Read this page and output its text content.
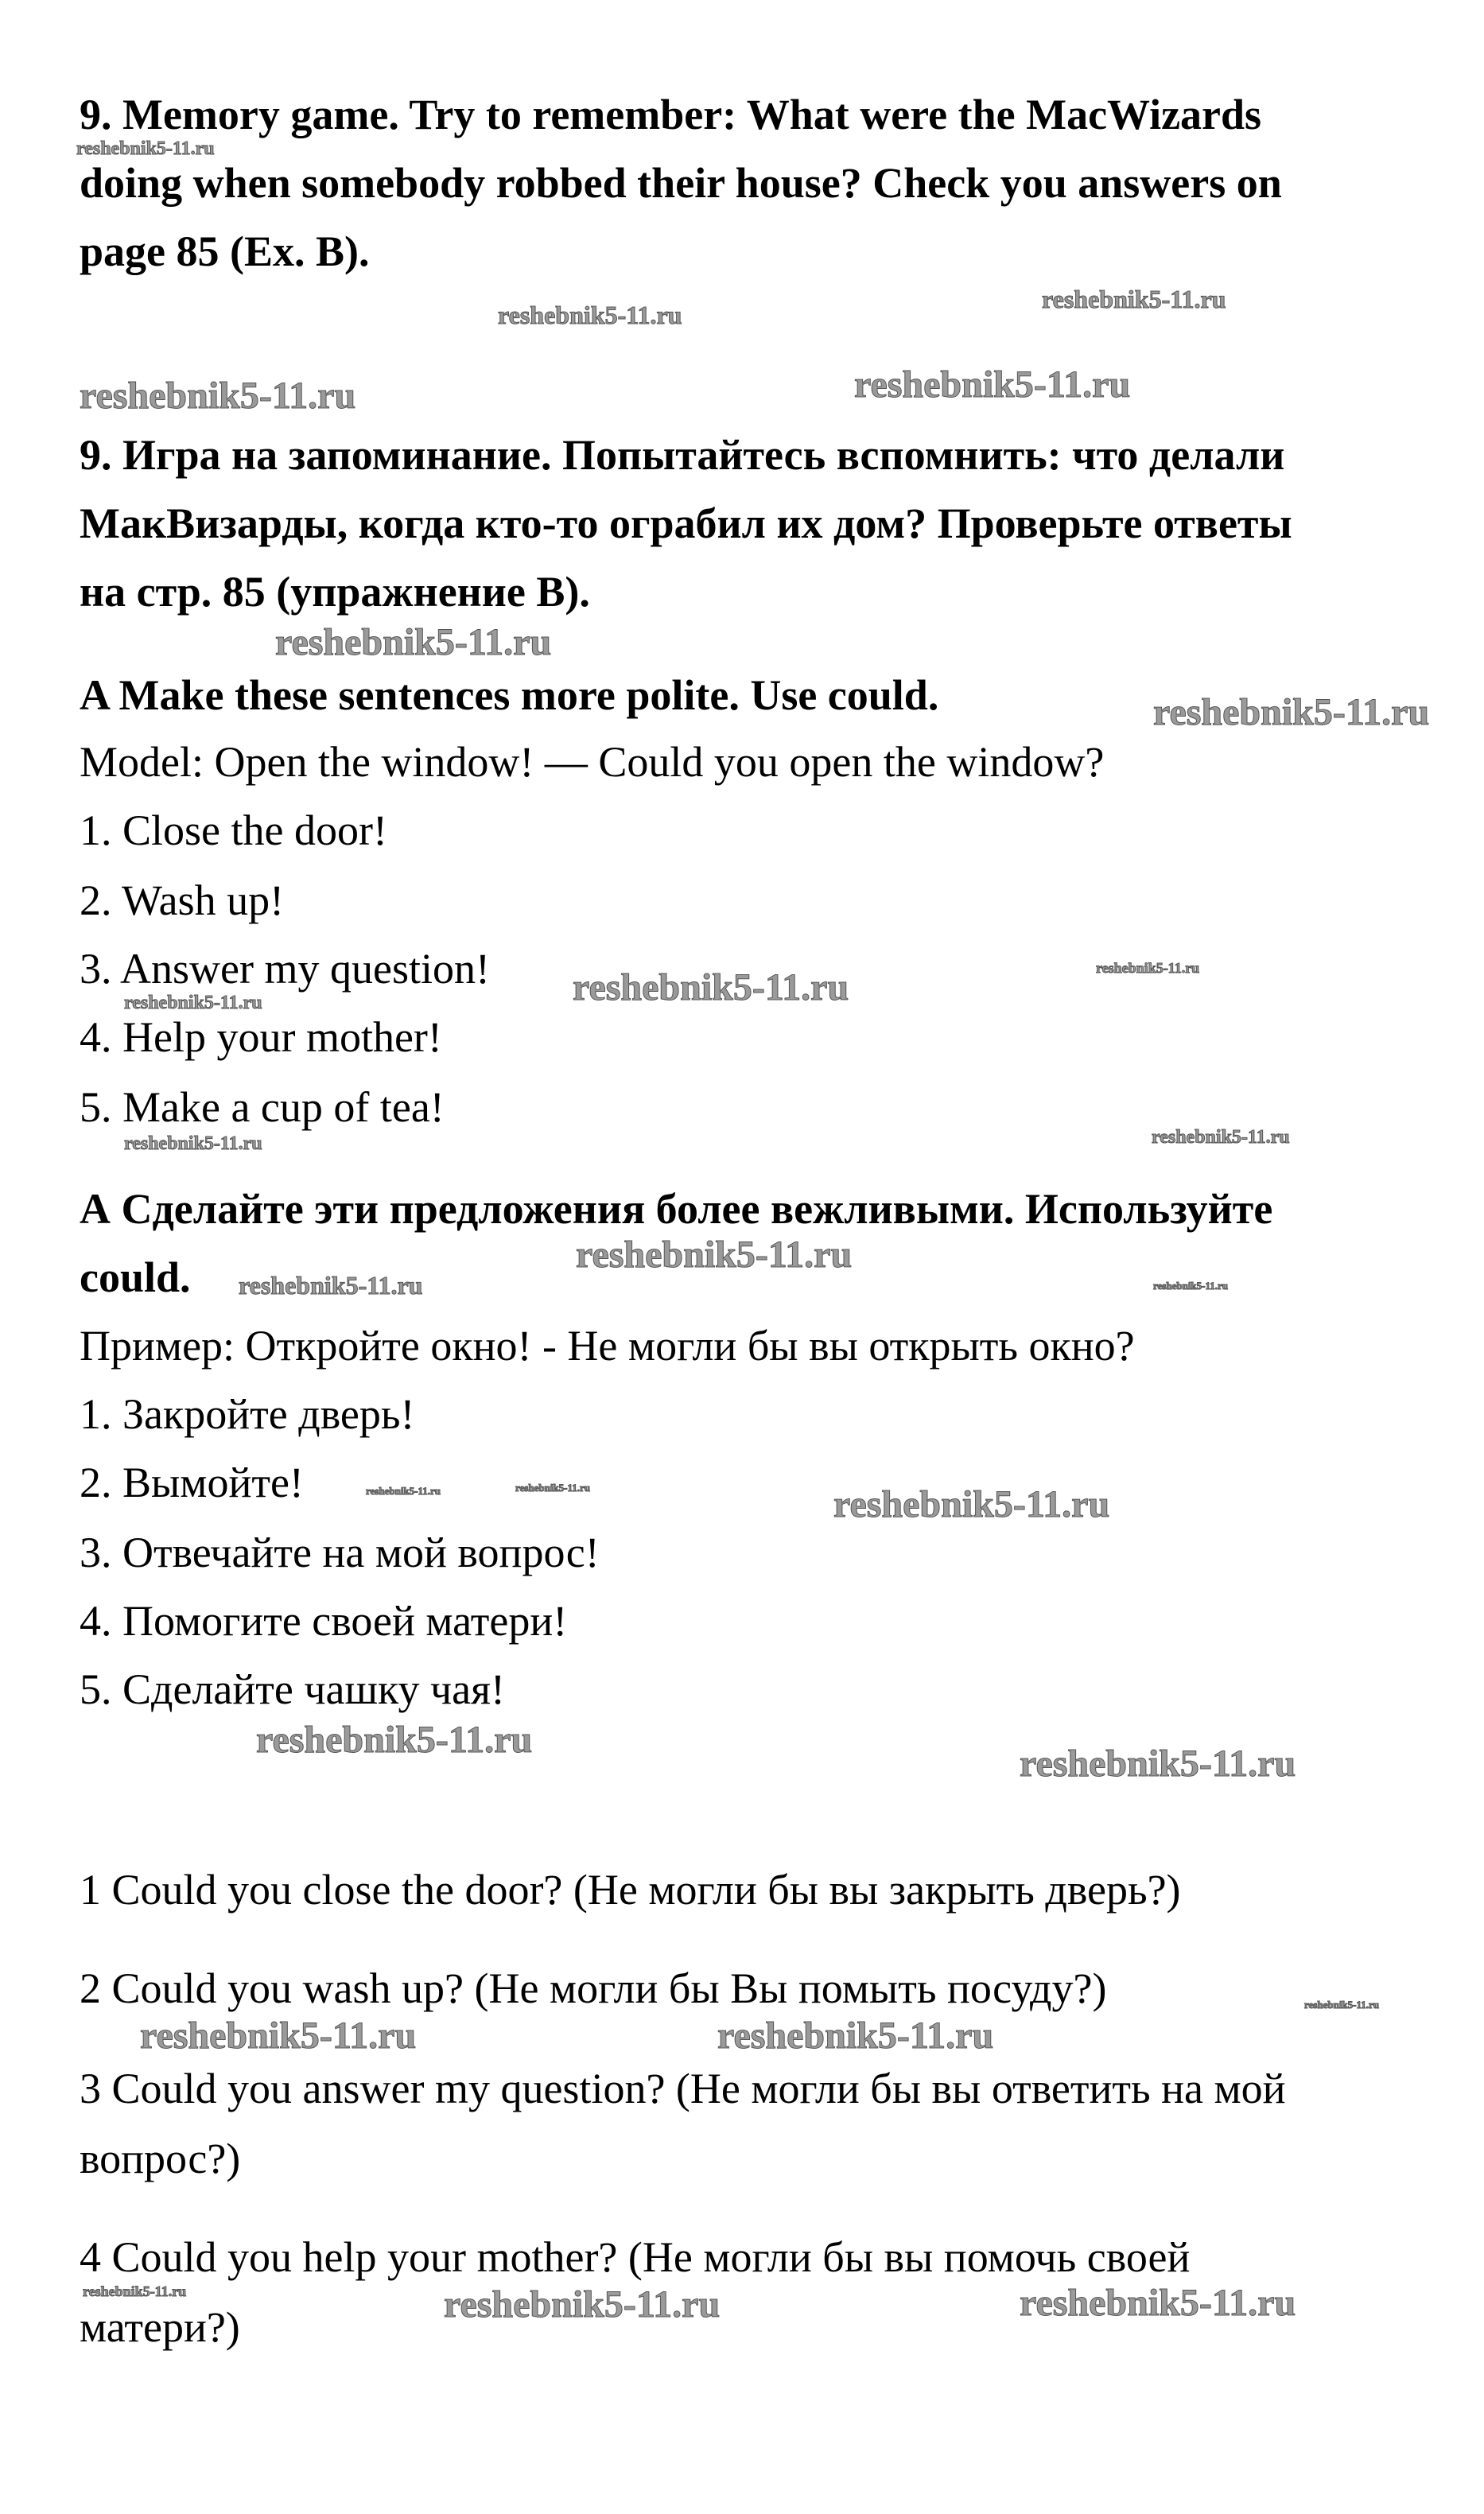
9. Memory game. Try to remember: What were the MacWizards
doing when somebody robbed their house? Check you answers on
page 85 (Ex. B).
9. Игра на запоминание. Попытайтесь вспомнить: что делали
МакВизарды, когда кто-то ограбил их дом? Проверьте ответы
на стр. 85 (упражнение B).
A Make these sentences more polite. Use could.
Model: Open the window! — Could you open the window?
1. Close the door!
2. Wash up!
3. Answer my question!
4. Help your mother!
5. Make a cup of tea!
А Сделайте эти предложения более вежливыми. Используйте
could.
Пример: Откройте окно! - Не могли бы вы открыть окно?
1. Закройте дверь!
2. Вымойте!
3. Отвечайте на мой вопрос!
4. Помогите своей матери!
5. Сделайте чашку чая!
1 Could you close the door? (Не могли бы вы закрыть дверь?)
2 Could you wash up? (Не могли бы Вы помыть посуду?)
3 Could you answer my question? (Не могли бы вы ответить на мой
вопрос?)
4 Could you help your mother? (Не могли бы вы помочь своей
матери?)
reshebnik5-11.ru
reshebnik5-11.ru
reshebnik5-11.ru
reshebnik5-11.ru	reshebnik5-11.ru
reshebnik5-11.ru
reshebnik5-11.ru
reshebnik5-11.ru	reshebnik5-11.ru
reshebnik5-11.ru
reshebnik5-11.ru	reshebnik5-11.ru
reshebnik5-11.ru
reshebnik5-11.ru
reshebnik5-11.ru
reshebnik5-11.ru	reshebnik5-11.ru	reshebnik5-11.ru
reshebnik5-11.ru
reshebnik5-11.ru
reshebnik5-11.ru
reshebnik5-11.ru	reshebnik5-11.ru
reshebnik5-11.ru	reshebnik5-11.ru	reshebnik5-11.ru
